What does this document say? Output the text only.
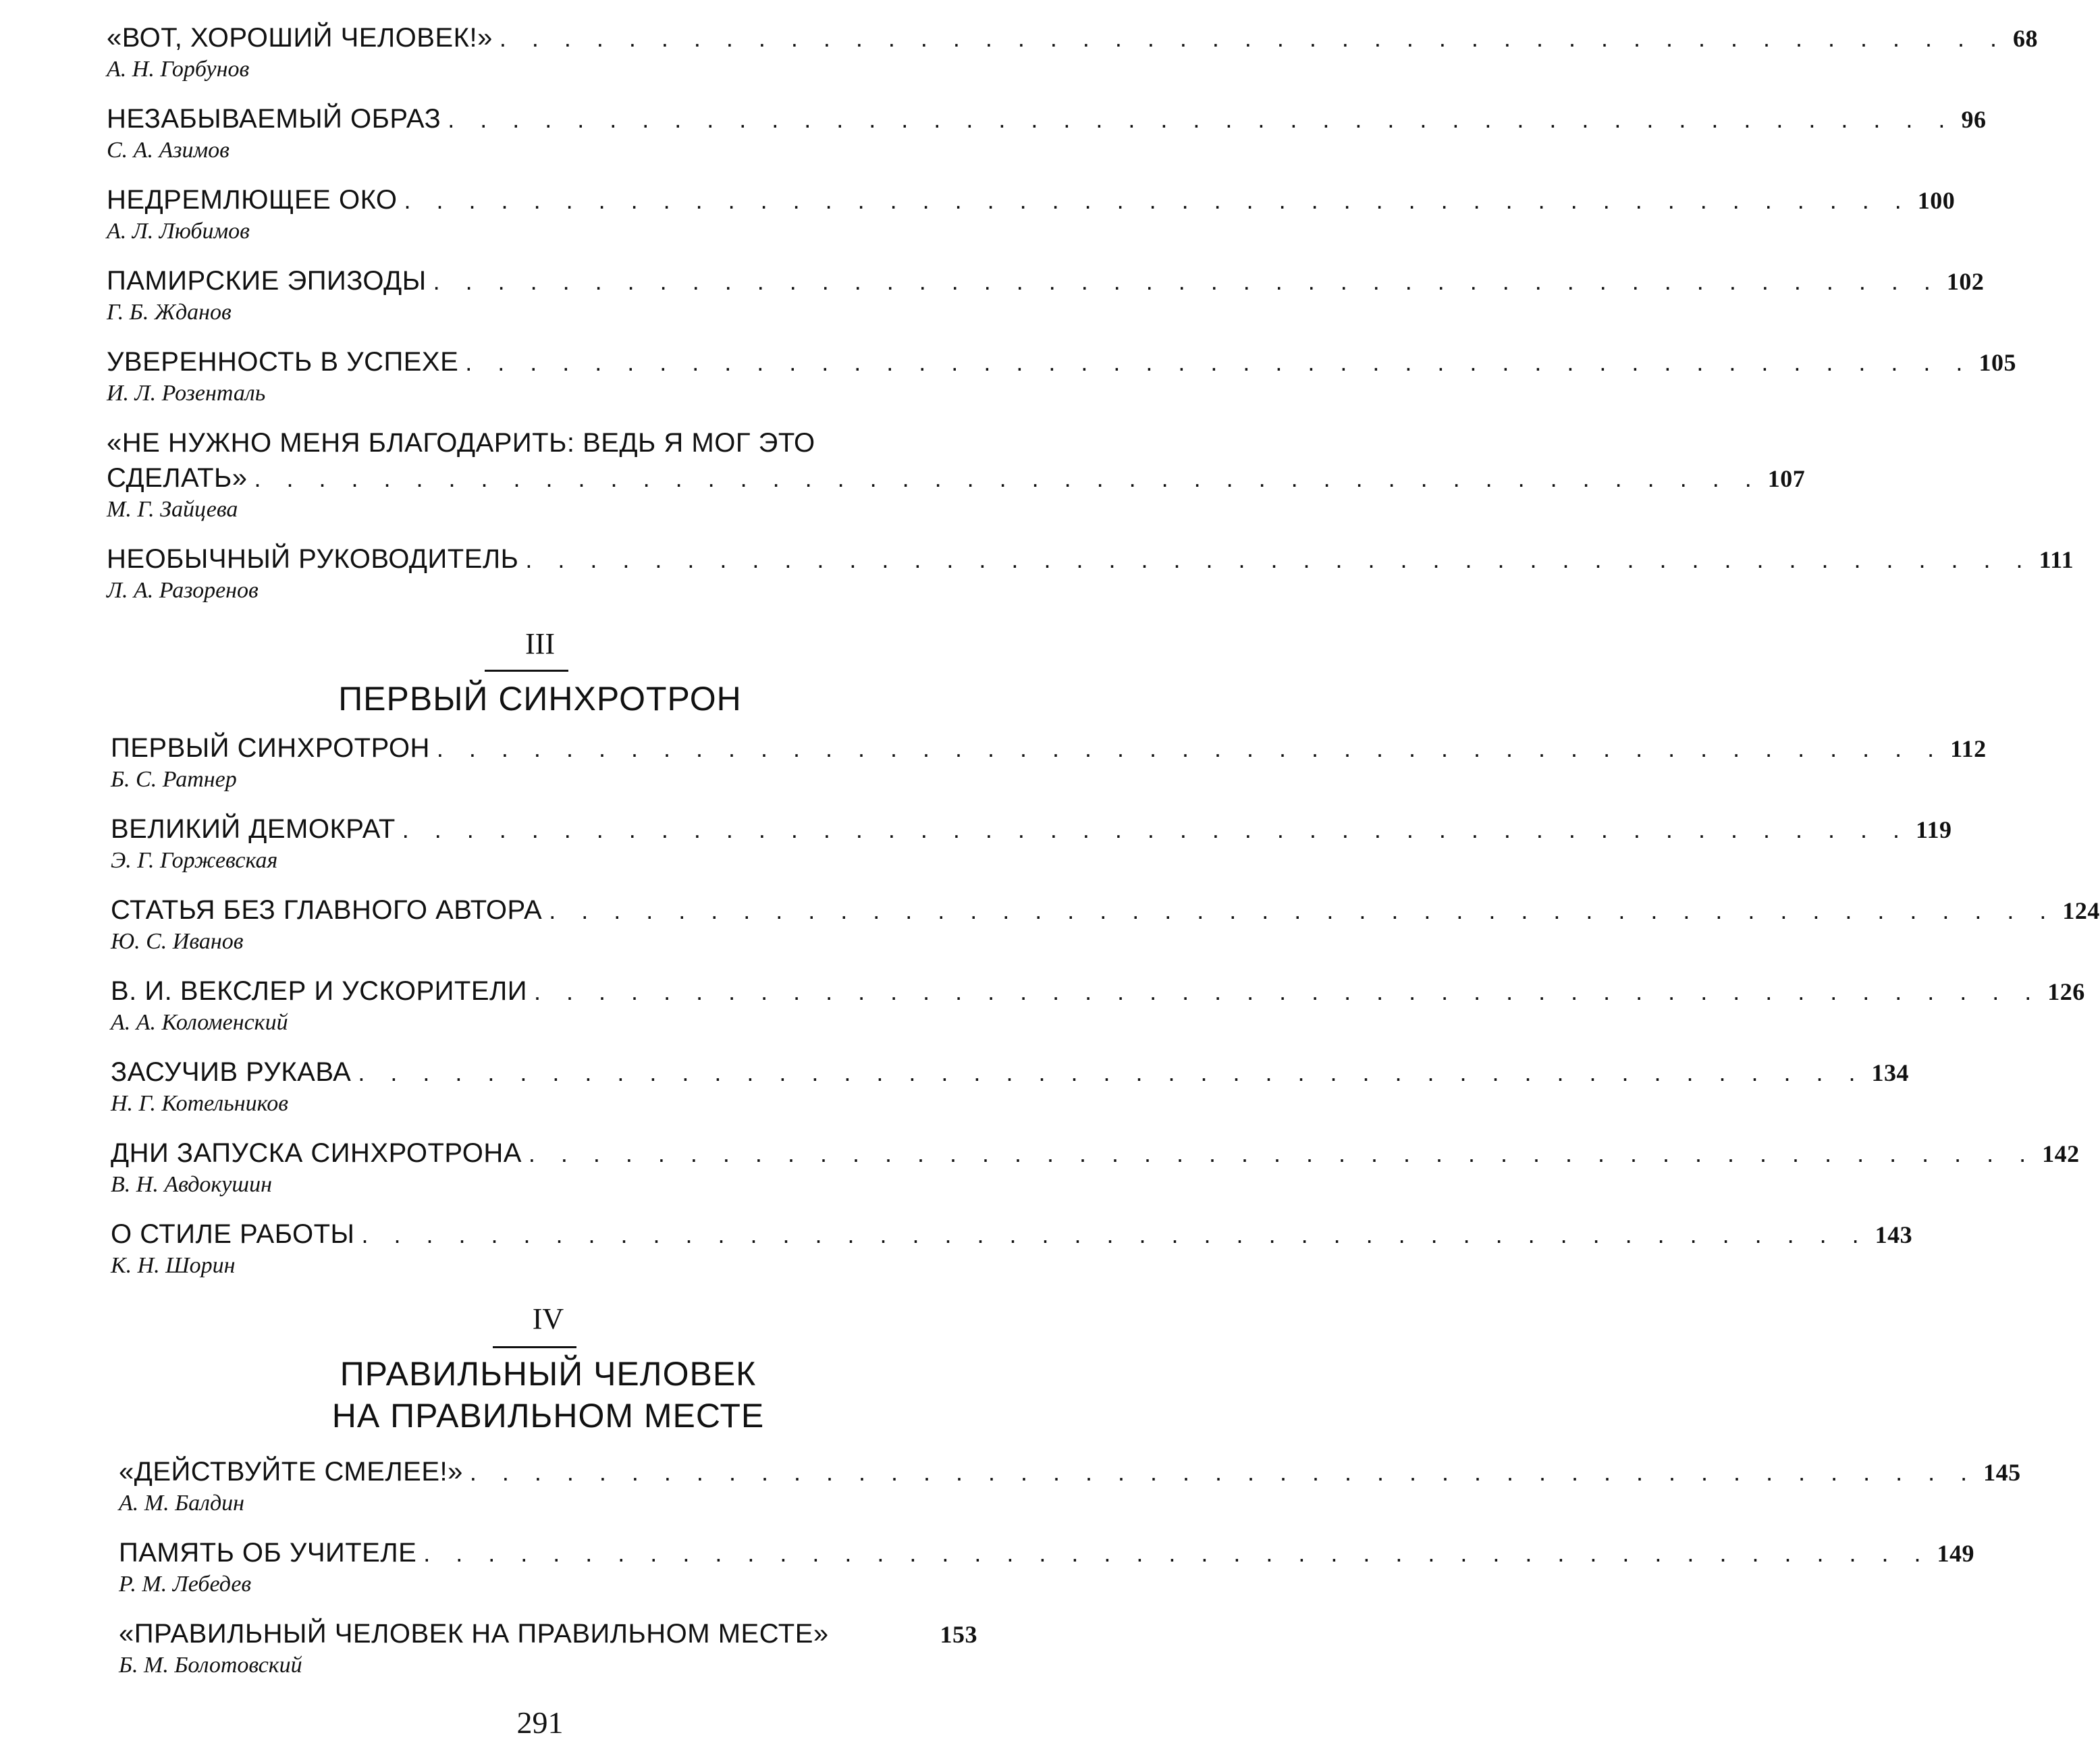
«ВОТ, ХОРОШИЙ ЧЕЛОВЕК!» . . . . . . . . . . . . . . . . . . . . . . . . . . . . . . . . . . . . . . . . . . . . . . . 68
А. Н. Горбунов
НЕЗАБЫВАЕМЫЙ ОБРАЗ . . . . . . . . . . . . . . . . . . . . . . . . . . . . . . . . . . . . . . . . . . . . . . . 96
С. А. Азимов
НЕДРЕМЛЮЩЕЕ ОКО . . . . . . . . . . . . . . . . . . . . . . . . . . . . . . . . . . . . . . . . . . . . . . . 100
А. Л. Любимов
ПАМИРСКИЕ ЭПИЗОДЫ . . . . . . . . . . . . . . . . . . . . . . . . . . . . . . . . . . . . . . . . . . . . . . . 102
Г. Б. Жданов
УВЕРЕННОСТЬ В УСПЕХЕ . . . . . . . . . . . . . . . . . . . . . . . . . . . . . . . . . . . . . . . . . . . . . . . 105
И. Л. Розенталь
«НЕ НУЖНО МЕНЯ БЛАГОДАРИТЬ: ВЕДЬ Я МОГ ЭТО
СДЕЛАТЬ» . . . . . . . . . . . . . . . . . . . . . . . . . . . . . . . . . . . . . . . . . . . . . . . 107
М. Г. Зайцева
НЕОБЫЧНЫЙ РУКОВОДИТЕЛЬ . . . . . . . . . . . . . . . . . . . . . . . . . . . . . . . . . . . . . . . . . . . . . . . 111
Л. А. Разоренов
III
ПЕРВЫЙ СИНХРОТРОН
ПЕРВЫЙ СИНХРОТРОН . . . . . . . . . . . . . . . . . . . . . . . . . . . . . . . . . . . . . . . . . . . . . . . 112
Б. С. Ратнер
ВЕЛИКИЙ ДЕМОКРАТ . . . . . . . . . . . . . . . . . . . . . . . . . . . . . . . . . . . . . . . . . . . . . . . 119
Э. Г. Горжевская
СТАТЬЯ БЕЗ ГЛАВНОГО АВТОРА . . . . . . . . . . . . . . . . . . . . . . . . . . . . . . . . . . . . . . . . . . . . . . . 124
Ю. С. Иванов
В. И. ВЕКСЛЕР И УСКОРИТЕЛИ . . . . . . . . . . . . . . . . . . . . . . . . . . . . . . . . . . . . . . . . . . . . . . . 126
А. А. Коломенский
ЗАСУЧИВ РУКАВА . . . . . . . . . . . . . . . . . . . . . . . . . . . . . . . . . . . . . . . . . . . . . . . 134
Н. Г. Котельников
ДНИ ЗАПУСКА СИНХРОТРОНА . . . . . . . . . . . . . . . . . . . . . . . . . . . . . . . . . . . . . . . . . . . . . . . 142
В. Н. Авдокушин
О СТИЛЕ РАБОТЫ . . . . . . . . . . . . . . . . . . . . . . . . . . . . . . . . . . . . . . . . . . . . . . . 143
К. Н. Шорин
IV
ПРАВИЛЬНЫЙ ЧЕЛОВЕК
НА ПРАВИЛЬНОМ МЕСТЕ
«ДЕЙСТВУЙТЕ СМЕЛЕЕ!» . . . . . . . . . . . . . . . . . . . . . . . . . . . . . . . . . . . . . . . . . . . . . . . 145
А. М. Балдин
ПАМЯТЬ ОБ УЧИТЕЛЕ . . . . . . . . . . . . . . . . . . . . . . . . . . . . . . . . . . . . . . . . . . . . . . . 149
Р. М. Лебедев
«ПРАВИЛЬНЫЙ ЧЕЛОВЕК НА ПРАВИЛЬНОМ МЕСТЕ»	153
Б. М. Болотовский
291
